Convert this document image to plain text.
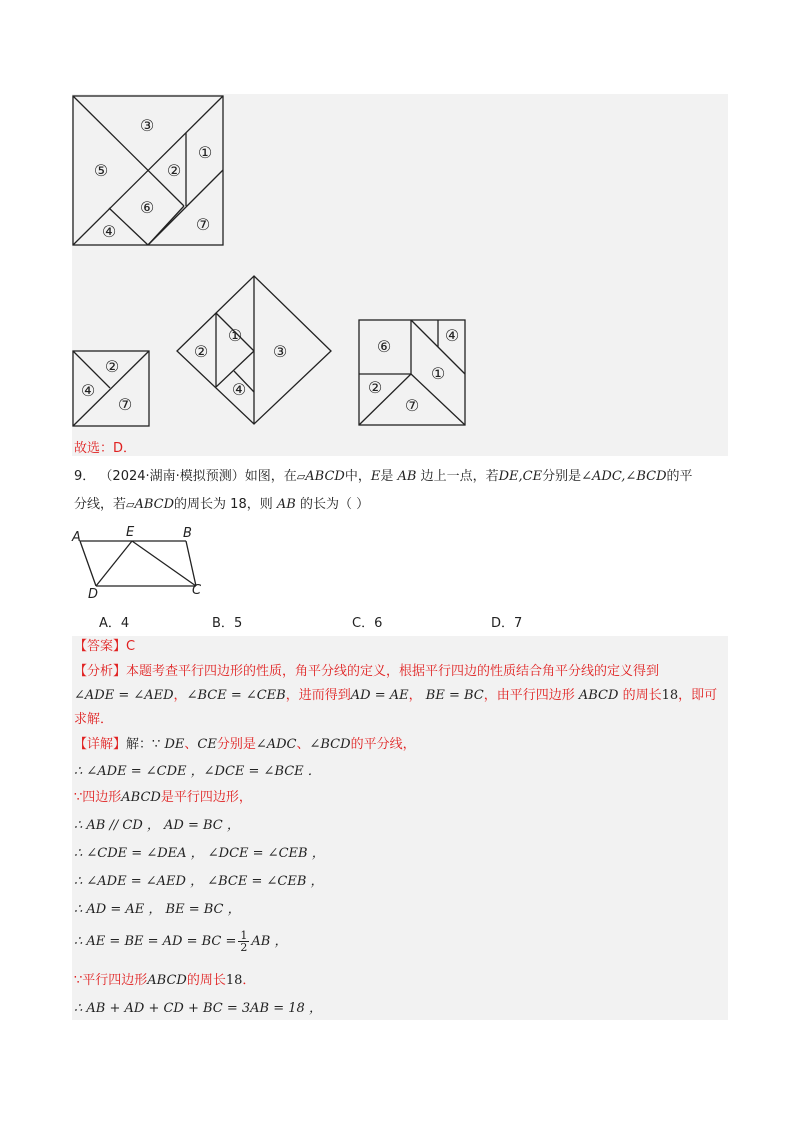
③
①
②
⑤
⑥
④	⑦
②
④
⑦
①
②	③
④
⑥
④
①
②
⑦
故选：D．
9． （2024·湖南·模拟预测）如图，在▱ABCD中，E是 AB 边上一点，若DE,CE分别是∠ADC,∠BCD的平
分线，若▱ABCD的周长为 18，则 AB 的长为（ ）
A	E	B
D	C
A．4	B．5	C．6	D．7
【答案】C
【分析】本题考查平行四边形的性质，角平分线的定义，根据平行四边的性质结合角平分线的定义得到
∠ADE = ∠AED，∠BCE = ∠CEB，进而得到AD = AE， BE = BC，由平行四边形 ABCD 的周长18，即可
求解．
【详解】解：∵ DE、CE分别是∠ADC、∠BCD的平分线，
∴ ∠ADE = ∠CDE ，∠DCE = ∠BCE ．
∵四边形ABCD是平行四边形，
∴ AB // CD ， AD = BC ，
∴ ∠CDE = ∠DEA ， ∠DCE = ∠CEB ，
∴ ∠ADE = ∠AED ， ∠BCE = ∠CEB ，
∴ AD = AE ， BE = BC ，
∴ AE = BE = AD = BC = $\frac{1}{2}$ AB ，
∵平行四边形ABCD的周长18．
∴ AB + AD + CD + BC = 3AB = 18 ，
